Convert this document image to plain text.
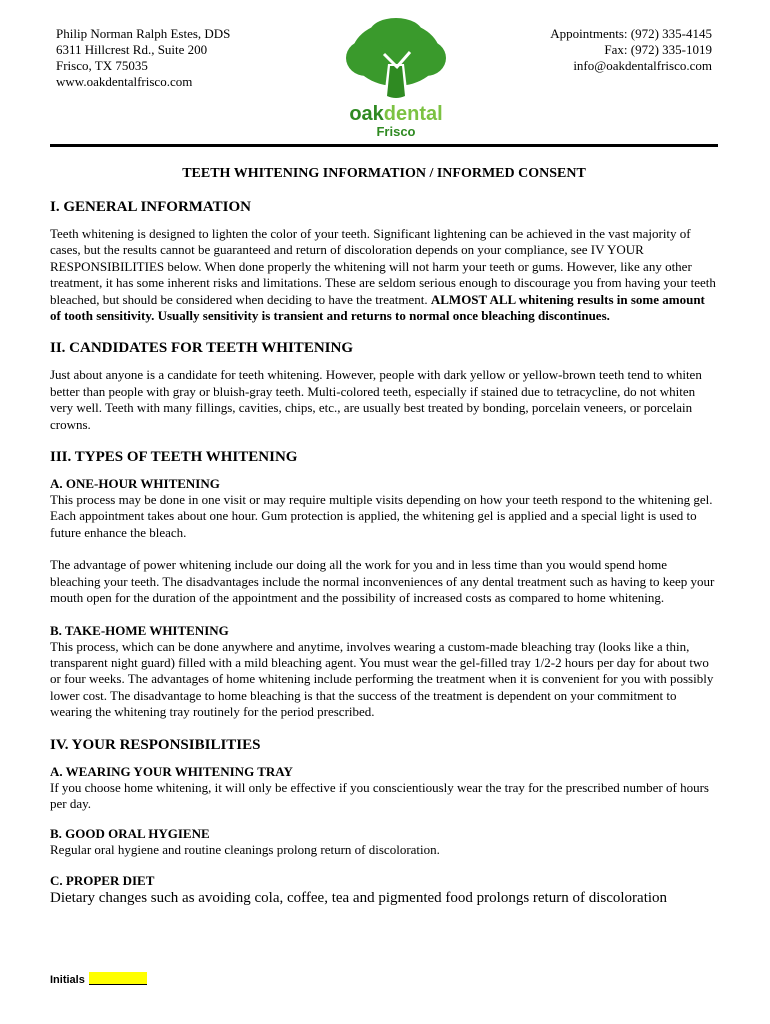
Philip Norman Ralph Estes, DDS
6311 Hillcrest Rd., Suite 200
Frisco, TX 75035
www.oakdentalfrisco.com
Appointments: (972) 335-4145
Fax: (972) 335-1019
info@oakdentalfrisco.com
oakdental
Frisco
TEETH WHITENING INFORMATION / INFORMED CONSENT
I. GENERAL INFORMATION

Teeth whitening is designed to lighten the color of your teeth. Significant lightening can be achieved in the vast majority of cases, but the results cannot be guaranteed and return of discoloration depends on your compliance, see IV YOUR RESPONSIBILITIES below. When done properly the whitening will not harm your teeth or gums. However, like any other treatment, it has some inherent risks and limitations. These are seldom serious enough to discourage you from having your teeth bleached, but should be considered when deciding to have the treatment. ALMOST ALL whitening results in some amount of tooth sensitivity. Usually sensitivity is transient and returns to normal once bleaching discontinues.

II. CANDIDATES FOR TEETH WHITENING

Just about anyone is a candidate for teeth whitening. However, people with dark yellow or yellow-brown teeth tend to whiten better than people with gray or bluish-gray teeth. Multi-colored teeth, especially if stained due to tetracycline, do not whiten very well. Teeth with many fillings, cavities, chips, etc., are usually best treated by bonding, porcelain veneers, or porcelain crowns.

III. TYPES OF TEETH WHITENING
A. ONE-HOUR WHITENING

This process may be done in one visit or may require multiple visits depending on how your teeth respond to the whitening gel. Each appointment takes about one hour. Gum protection is applied, the whitening gel is applied and a special light is used to future enhance the bleach.

The advantage of power whitening include our doing all the work for you and in less time than you would spend home bleaching your teeth. The disadvantages include the normal inconveniences of any dental treatment such as having to keep your mouth open for the duration of the appointment and the possibility of increased costs as compared to home whitening.

B. TAKE-HOME WHITENING

This process, which can be done anywhere and anytime, involves wearing a custom-made bleaching tray (looks like a thin, transparent night guard) filled with a mild bleaching agent. You must wear the gel-filled tray 1/2-2 hours per day for about two or four weeks. The advantages of home whitening include performing the treatment when it is convenient for you with possibly lower cost. The disadvantage to home bleaching is that the success of the treatment is dependent on your commitment to wearing the whitening tray routinely for the period prescribed.

IV. YOUR RESPONSIBILITIES
A. WEARING YOUR WHITENING TRAY

If you choose home whitening, it will only be effective if you conscientiously wear the tray for the prescribed number of hours per day.

B. GOOD ORAL HYGIENE

Regular oral hygiene and routine cleanings prolong return of discoloration.

C. PROPER DIET

Dietary changes such as avoiding cola, coffee, tea and pigmented food prolongs return of discoloration

Initials
